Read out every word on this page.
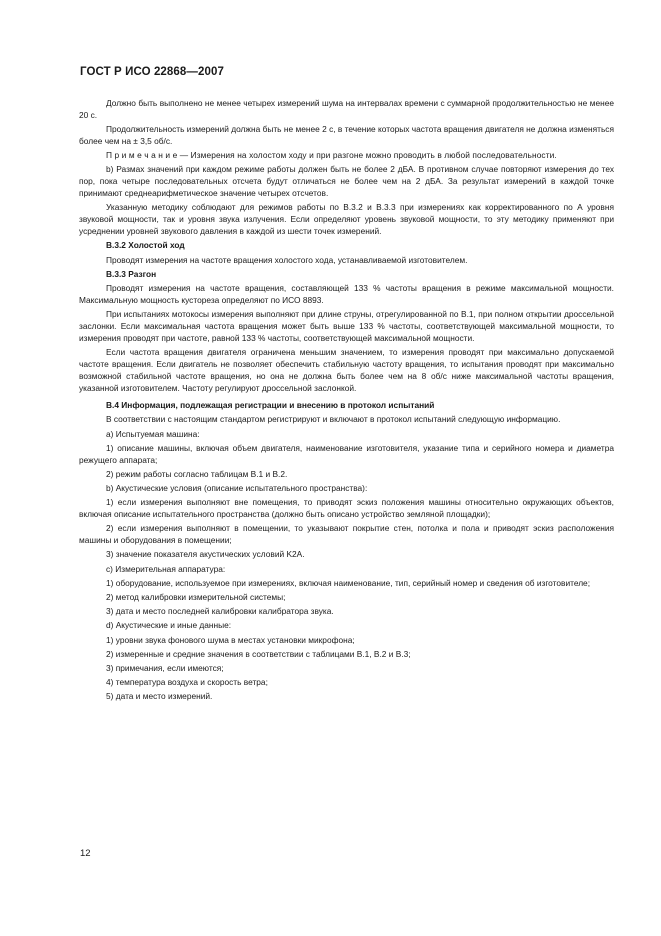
ГОСТ Р ИСО 22868—2007

Должно быть выполнено не менее четырех измерений шума на интервалах времени с суммарной продолжительностью не менее 20 с.

Продолжительность измерений должна быть не менее 2 с, в течение которых частота вращения двигателя не должна изменяться более чем на ± 3,5 об/с.

П р и м е ч а н и е — Измерения на холостом ходу и при разгоне можно проводить в любой последовательности.

b) Размах значений при каждом режиме работы должен быть не более 2 дБА. В противном случае повторяют измерения до тех пор, пока четыре последовательных отсчета будут отличаться не более чем на 2 дБА. За результат измерений в каждой точке принимают среднеарифметическое значение четырех отсчетов.

Указанную методику соблюдают для режимов работы по В.3.2 и В.3.3 при измерениях как корректированного по А уровня звуковой мощности, так и уровня звука излучения. Если определяют уровень звуковой мощности, то эту методику применяют при усреднении уровней звукового давления в каждой из шести точек измерений.

В.3.2 Холостой ход

Проводят измерения на частоте вращения холостого хода, устанавливаемой изготовителем.

В.3.3 Разгон

Проводят измерения на частоте вращения, составляющей 133 % частоты вращения в режиме максимальной мощности. Максимальную мощность кустореза определяют по ИСО 8893.

При испытаниях мотокосы измерения выполняют при длине струны, отрегулированной по В.1, при полном открытии дроссельной заслонки. Если максимальная частота вращения может быть выше 133 % частоты, соответствующей максимальной мощности, то измерения проводят при частоте, равной 133 % частоты, соответствующей максимальной мощности.

Если частота вращения двигателя ограничена меньшим значением, то измерения проводят при максимально допускаемой частоте вращения. Если двигатель не позволяет обеспечить стабильную частоту вращения, то испытания проводят при максимально возможной стабильной частоте вращения, но она не должна быть более чем на 8 об/с ниже максимальной частоты вращения, указанной изготовителем. Частоту регулируют дроссельной заслонкой.

В.4 Информация, подлежащая регистрации и внесению в протокол испытаний

В соответствии с настоящим стандартом регистрируют и включают в протокол испытаний следующую информацию.

a) Испытуемая машина:

1) описание машины, включая объем двигателя, наименование изготовителя, указание типа и серийного номера и диаметра режущего аппарата;

2) режим работы согласно таблицам В.1 и В.2.

b) Акустические условия (описание испытательного пространства):

1) если измерения выполняют вне помещения, то приводят эскиз положения машины относительно окружающих объектов, включая описание испытательного пространства (должно быть описано устройство земляной площадки);

2) если измерения выполняют в помещении, то указывают покрытие стен, потолка и пола и приводят эскиз расположения машины и оборудования в помещении;

3) значение показателя акустических условий K2A.

c) Измерительная аппаратура:

1) оборудование, используемое при измерениях, включая наименование, тип, серийный номер и сведения об изготовителе;

2) метод калибровки измерительной системы;

3) дата и место последней калибровки калибратора звука.

d) Акустические и иные данные:

1) уровни звука фонового шума в местах установки микрофона;

2) измеренные и средние значения в соответствии с таблицами В.1, В.2 и В.3;

3) примечания, если имеются;

4) температура воздуха и скорость ветра;

5) дата и место измерений.

12
